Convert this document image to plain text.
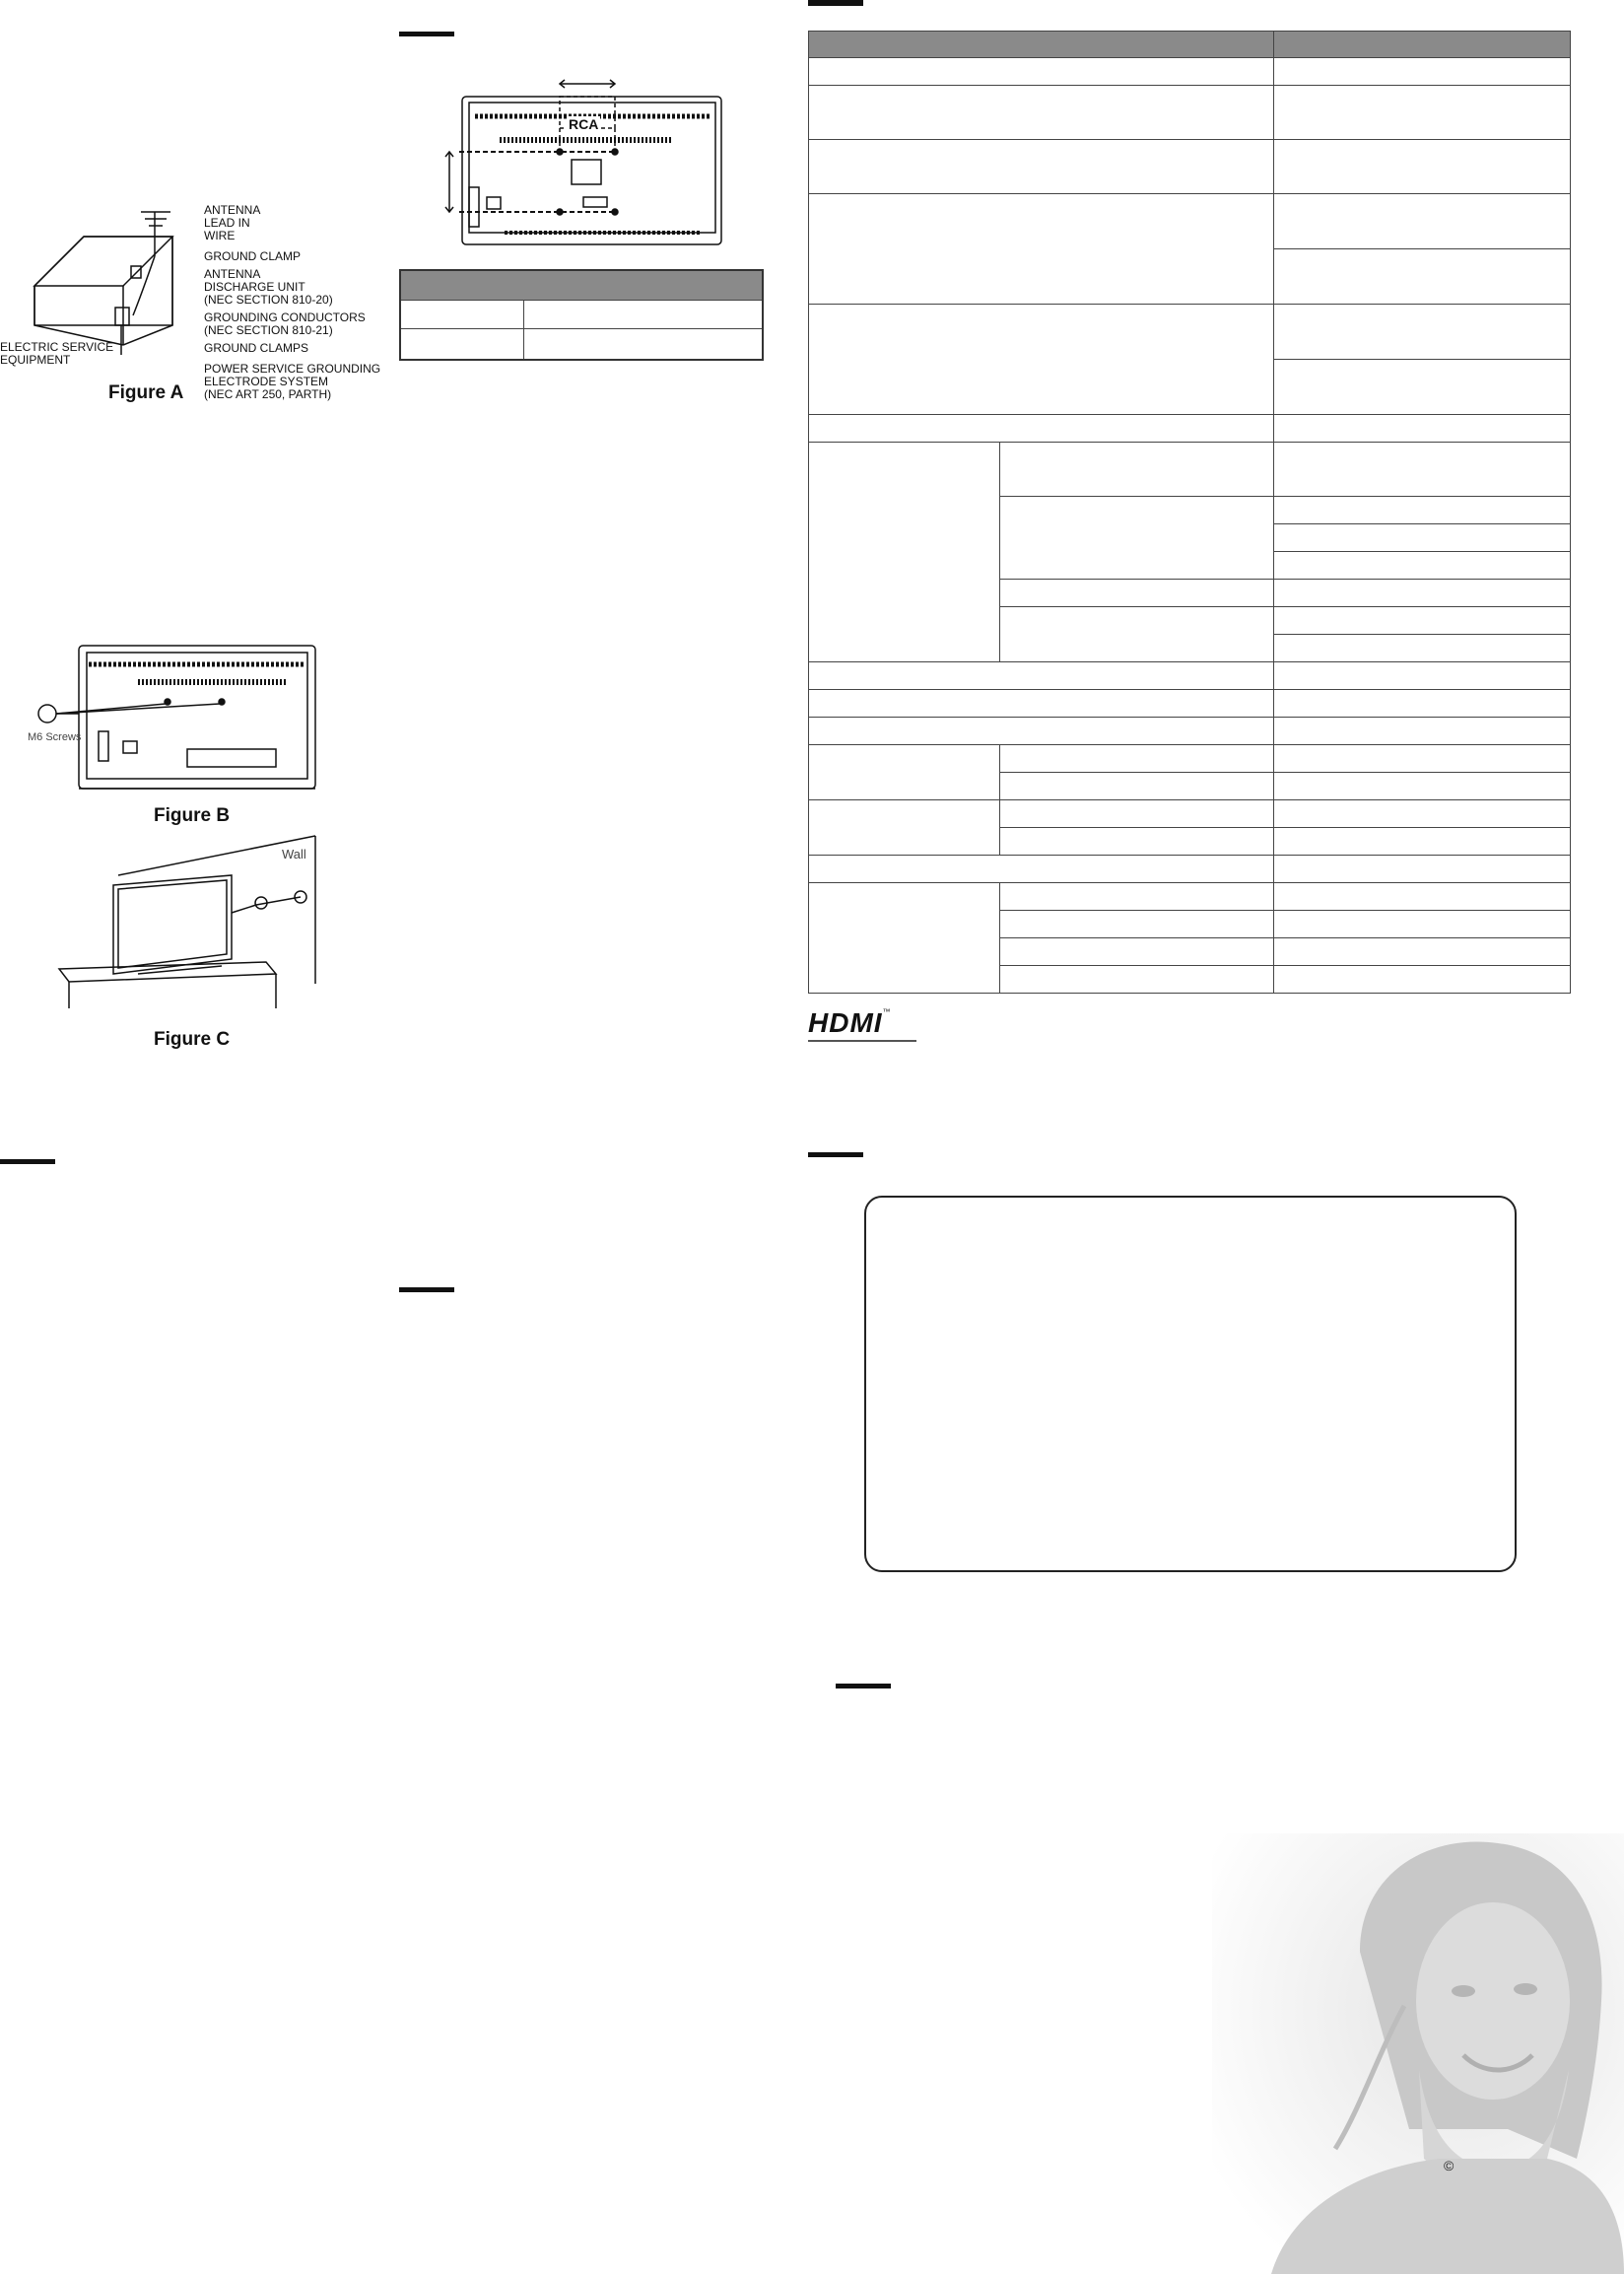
ANTENNA
LEAD IN
WIRE
GROUND CLAMP
ANTENNA
DISCHARGE UNIT
(NEC SECTION 810-20)
GROUNDING CONDUCTORS
(NEC SECTION 810-21)
GROUND CLAMPS
POWER SERVICE GROUNDING
ELECTRODE SYSTEM
(NEC ART 250, PARTH)
ELECTRIC SERVICE
EQUIPMENT
Figure A
M6 Screws
Figure B
Wall
Figure C
RCA

HDMI™
©
